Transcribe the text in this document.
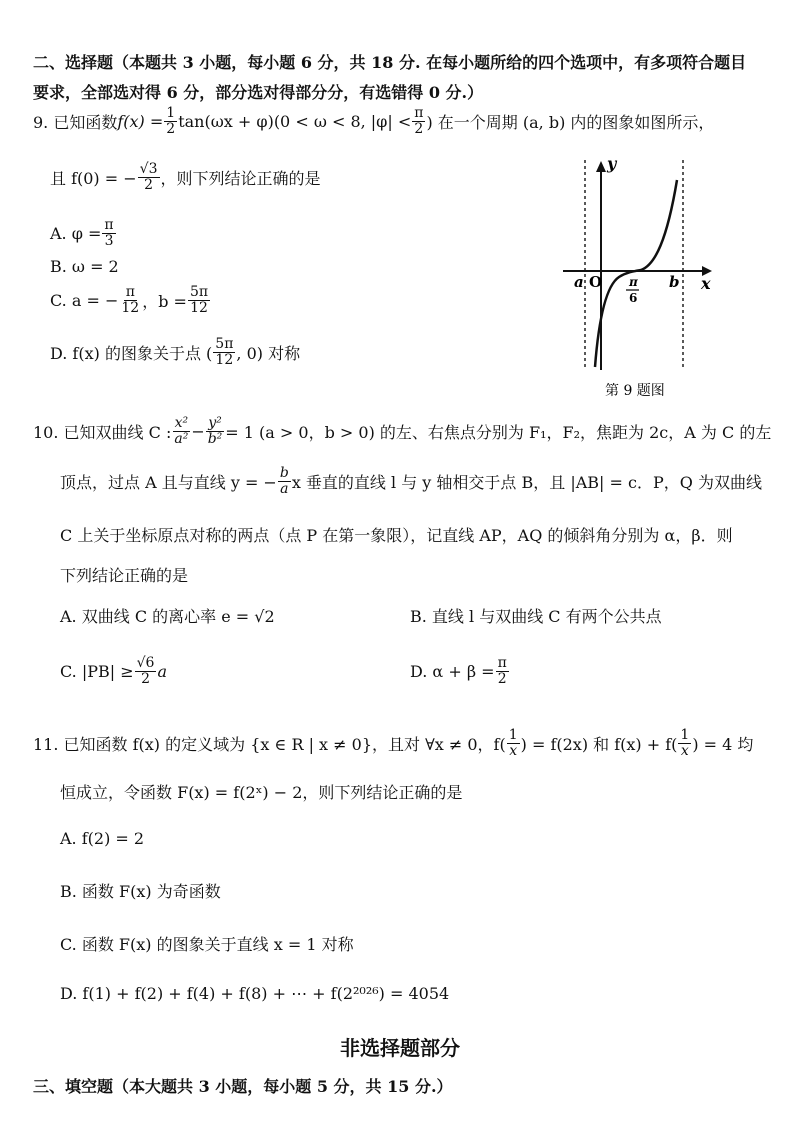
二、选择题（本题共 3 小题，每小题 6 分，共 18 分. 在每小题所给的四个选项中，有多项符合题目
要求，全部选对得 6 分，部分选对得部分分，有选错得 0 分.）
9. 已知函数 $f(x) = \frac{1}{2} \tan(\omega x + \varphi)(0 < \omega < 8$, $|\varphi| < \frac{\pi}{2}$ ) 在一个周期 (a, b) 内的图象如图所示，
且 f(0) = − $\frac{√3}{2}$ ，则下列结论正确的是
A. $\varphi = \frac{\pi}{3}$
B. ω = 2
C. a = − $\frac{\pi}{12}$ ，$b = \frac{5\pi}{12}$
D. f(x) 的图象关于点 ( $\frac{5\pi}{12}$ , 0) 对称
y
x
a O	b
π
6
第 9 题图
10. 已知双曲线 C : $\frac{\text{x²}}{\text{a²}} - \frac{\text{y²}}{\text{b²}} = 1$ (a > 0，b > 0) 的左、右焦点分别为 F₁，F₂，焦距为 2c，A 为 C 的左
顶点，过点 A 且与直线 y = − $\frac{b}{a}$ x 垂直的直线 l 与 y 轴相交于点 B，且 |AB| = c．P，Q 为双曲线
C 上关于坐标原点对称的两点（点 P 在第一象限），记直线 AP，AQ 的倾斜角分别为 α，β．则
下列结论正确的是
A. 双曲线 C 的离心率 e = √2	B. 直线 l 与双曲线 C 有两个公共点
C. $|PB| \ge \frac{√6}{2}$ a	D. $\alpha + \beta = \frac{\pi}{2}$
11. 已知函数 f(x) 的定义域为 {x ∈ R | x ≠ 0}，且对 ∀x ≠ 0，$f( \frac{1}{x}$ ) = f(2x) 和 $f(x) + f( \frac{1}{x}$ ) = 4 均
恒成立，令函数 F(x) = f(2ˣ) − 2，则下列结论正确的是
A. f(2) = 2
B. 函数 F(x) 为奇函数
C. 函数 F(x) 的图象关于直线 x = 1 对称
D. f(1) + f(2) + f(4) + f(8) + ⋯ + f(2²⁰²⁶) = 4054
非选择题部分
三、填空题（本大题共 3 小题，每小题 5 分，共 15 分.）
